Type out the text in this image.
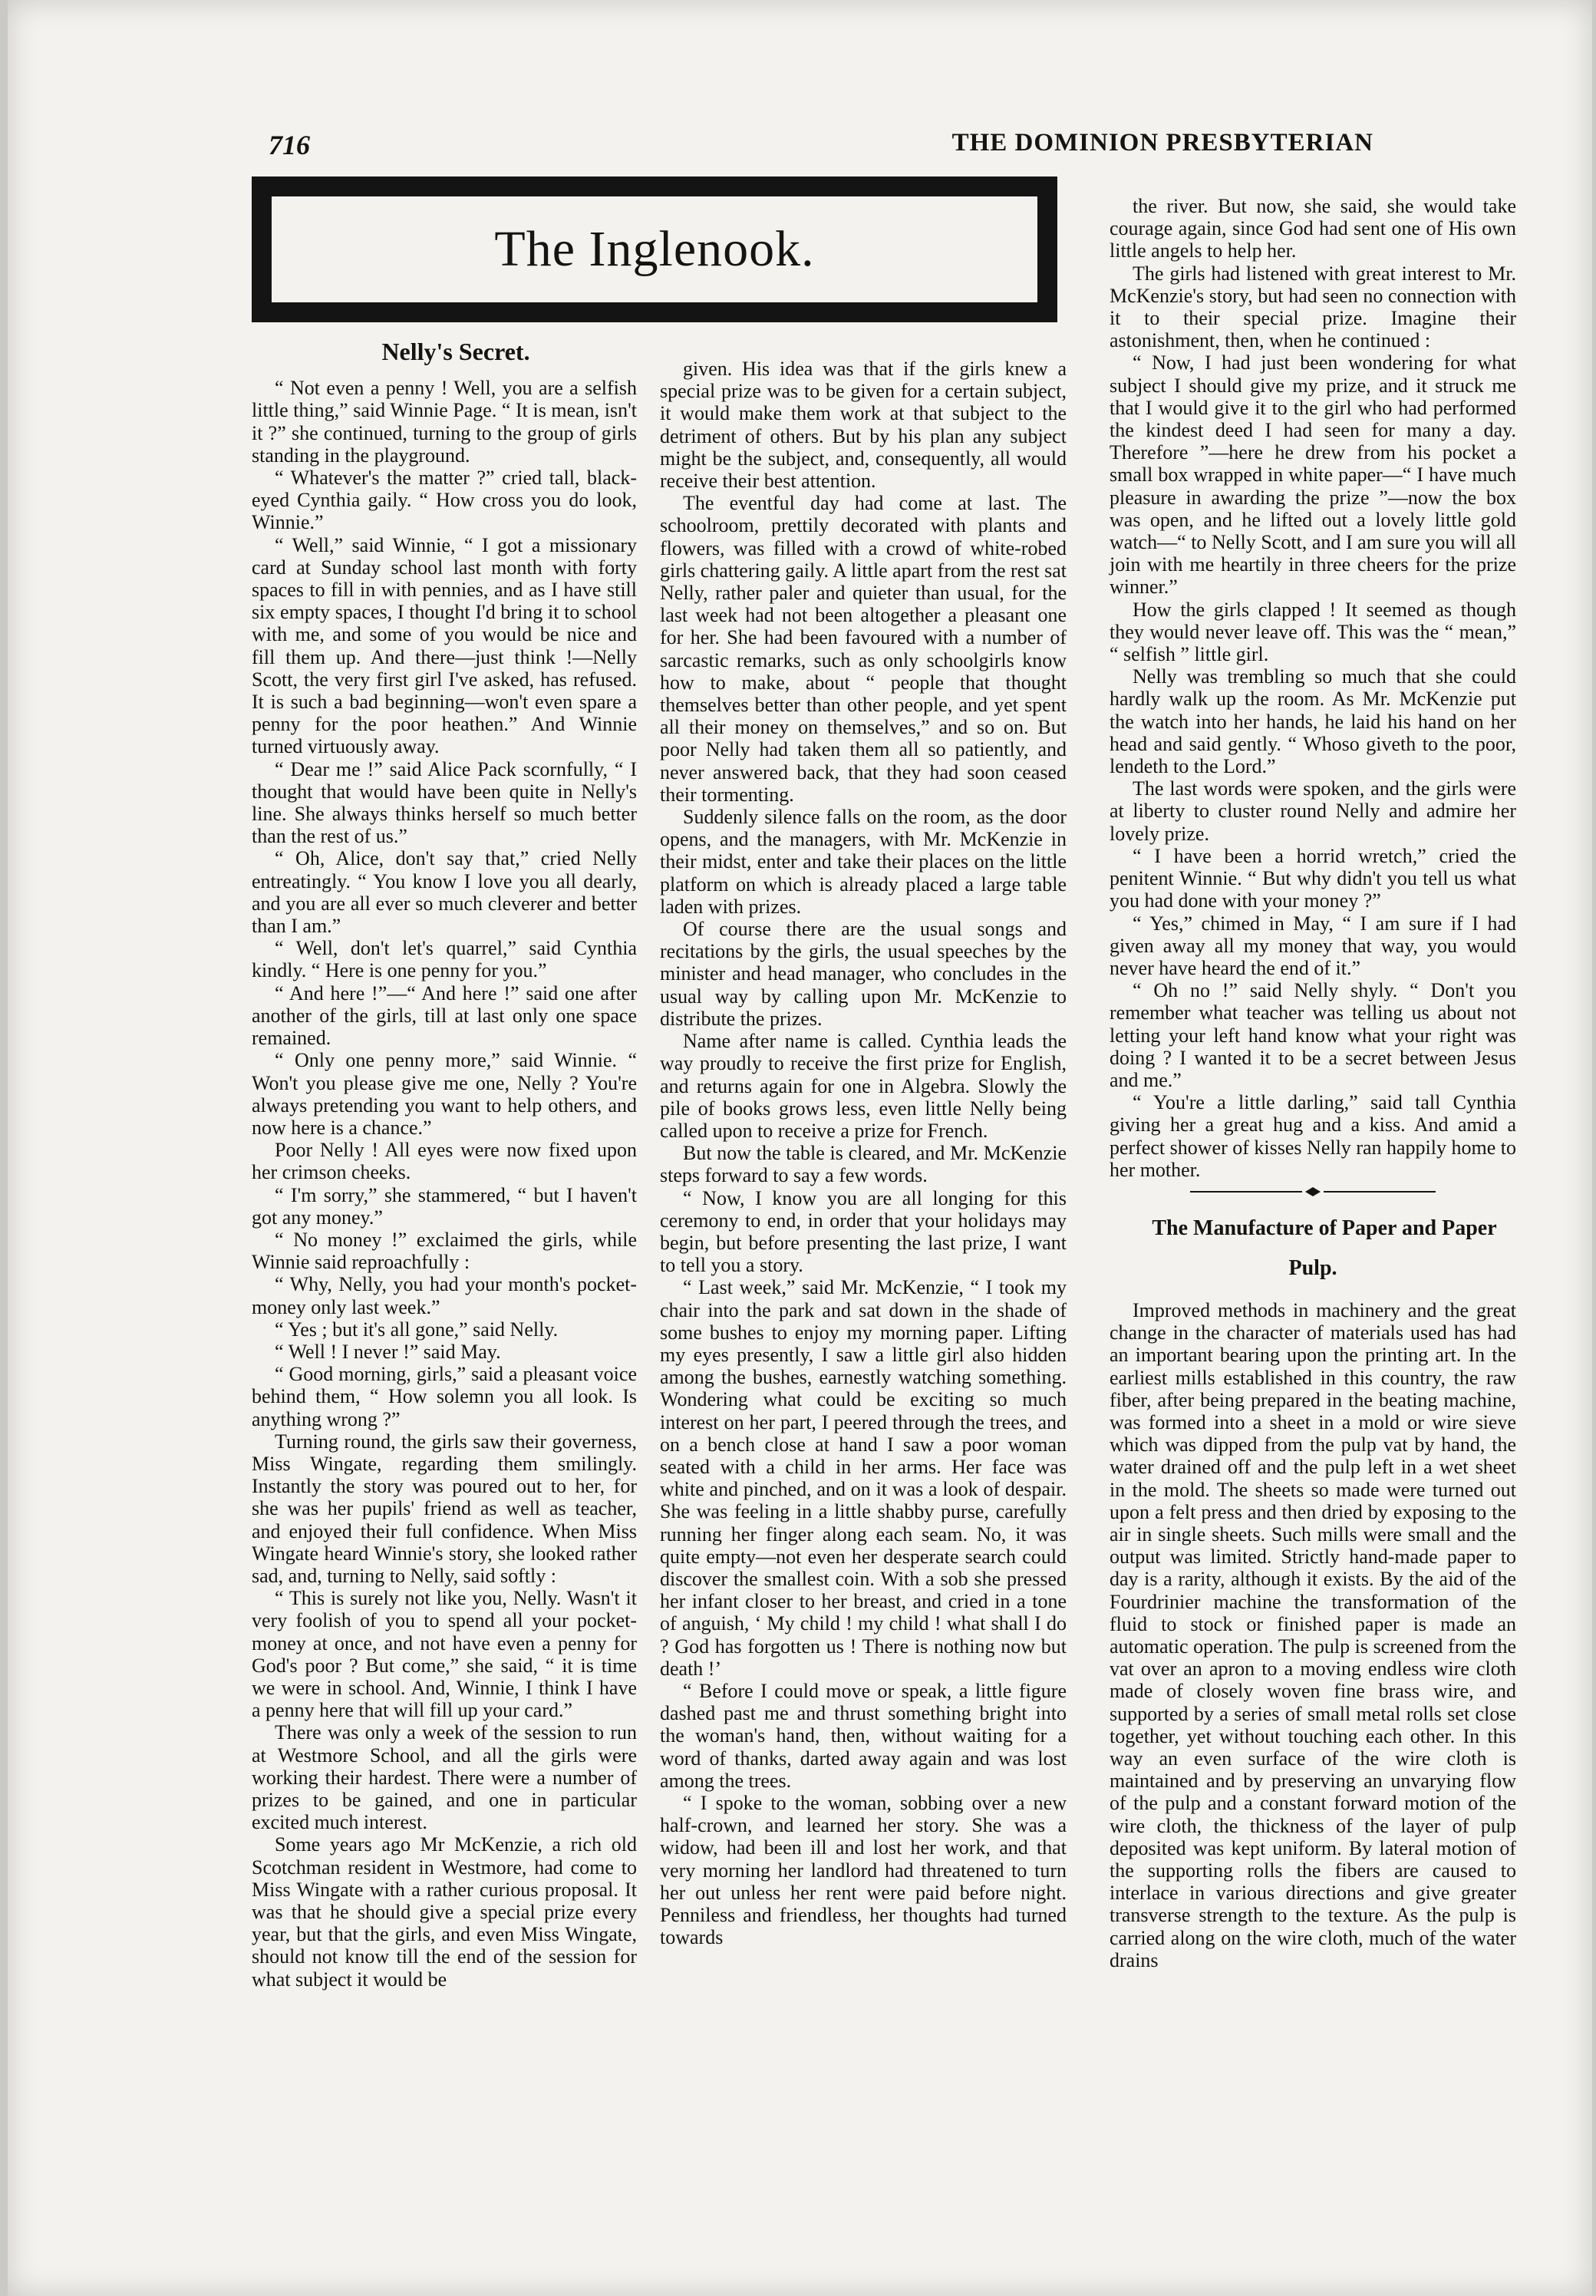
716	THE DOMINION PRESBYTERIAN
The Inglenook.

Nelly's Secret.

“ Not even a penny ! Well, you are a selfish little thing,” said Winnie Page. “ It is mean, isn't it ?” she continued, turning to the group of girls standing in the playground.

“ Whatever's the matter ?” cried tall, black-eyed Cynthia gaily. “ How cross you do look, Winnie.”

“ Well,” said Winnie, “ I got a missionary card at Sunday school last month with forty spaces to fill in with pennies, and as I have still six empty spaces, I thought I'd bring it to school with me, and some of you would be nice and fill them up. And there—just think !—Nelly Scott, the very first girl I've asked, has refused. It is such a bad beginning—won't even spare a penny for the poor heathen.” And Winnie turned virtuously away.

“ Dear me !” said Alice Pack scornfully, “ I thought that would have been quite in Nelly's line. She always thinks herself so much better than the rest of us.”

“ Oh, Alice, don't say that,” cried Nelly entreatingly. “ You know I love you all dearly, and you are all ever so much cleverer and better than I am.”

“ Well, don't let's quarrel,” said Cynthia kindly. “ Here is one penny for you.”

“ And here !”—“ And here !” said one after another of the girls, till at last only one space remained.

“ Only one penny more,” said Winnie. “ Won't you please give me one, Nelly ? You're always pretending you want to help others, and now here is a chance.”

Poor Nelly ! All eyes were now fixed upon her crimson cheeks.

“ I'm sorry,” she stammered, “ but I haven't got any money.”

“ No money !” exclaimed the girls, while Winnie said reproachfully :

“ Why, Nelly, you had your month's pocket-money only last week.”

“ Yes ; but it's all gone,” said Nelly.

“ Well ! I never !” said May.

“ Good morning, girls,” said a pleasant voice behind them, “ How solemn you all look. Is anything wrong ?”

Turning round, the girls saw their governess, Miss Wingate, regarding them smilingly. Instantly the story was poured out to her, for she was her pupils' friend as well as teacher, and enjoyed their full confidence. When Miss Wingate heard Winnie's story, she looked rather sad, and, turning to Nelly, said softly :

“ This is surely not like you, Nelly. Wasn't it very foolish of you to spend all your pocket-money at once, and not have even a penny for God's poor ? But come,” she said, “ it is time we were in school. And, Winnie, I think I have a penny here that will fill up your card.”

There was only a week of the session to run at Westmore School, and all the girls were working their hardest. There were a number of prizes to be gained, and one in particular excited much interest.

Some years ago Mr McKenzie, a rich old Scotchman resident in Westmore, had come to Miss Wingate with a rather curious proposal. It was that he should give a special prize every year, but that the girls, and even Miss Wingate, should not know till the end of the session for what subject it would be

given. His idea was that if the girls knew a special prize was to be given for a certain subject, it would make them work at that subject to the detriment of others. But by his plan any subject might be the subject, and, consequently, all would receive their best attention.

The eventful day had come at last. The schoolroom, prettily decorated with plants and flowers, was filled with a crowd of white-robed girls chattering gaily. A little apart from the rest sat Nelly, rather paler and quieter than usual, for the last week had not been altogether a pleasant one for her. She had been favoured with a number of sarcastic remarks, such as only schoolgirls know how to make, about “ people that thought themselves better than other people, and yet spent all their money on themselves,” and so on. But poor Nelly had taken them all so patiently, and never answered back, that they had soon ceased their tormenting.

Suddenly silence falls on the room, as the door opens, and the managers, with Mr. McKenzie in their midst, enter and take their places on the little platform on which is already placed a large table laden with prizes.

Of course there are the usual songs and recitations by the girls, the usual speeches by the minister and head manager, who concludes in the usual way by calling upon Mr. McKenzie to distribute the prizes.

Name after name is called. Cynthia leads the way proudly to receive the first prize for English, and returns again for one in Algebra. Slowly the pile of books grows less, even little Nelly being called upon to receive a prize for French.

But now the table is cleared, and Mr. McKenzie steps forward to say a few words.

“ Now, I know you are all longing for this ceremony to end, in order that your holidays may begin, but before presenting the last prize, I want to tell you a story.

“ Last week,” said Mr. McKenzie, “ I took my chair into the park and sat down in the shade of some bushes to enjoy my morning paper. Lifting my eyes presently, I saw a little girl also hidden among the bushes, earnestly watching something. Wondering what could be exciting so much interest on her part, I peered through the trees, and on a bench close at hand I saw a poor woman seated with a child in her arms. Her face was white and pinched, and on it was a look of despair. She was feeling in a little shabby purse, carefully running her finger along each seam. No, it was quite empty—not even her desperate search could discover the smallest coin. With a sob she pressed her infant closer to her breast, and cried in a tone of anguish, ‘ My child ! my child ! what shall I do ? God has forgotten us ! There is nothing now but death !’

“ Before I could move or speak, a little figure dashed past me and thrust something bright into the woman's hand, then, without waiting for a word of thanks, darted away again and was lost among the trees.

“ I spoke to the woman, sobbing over a new half-crown, and learned her story. She was a widow, had been ill and lost her work, and that very morning her landlord had threatened to turn her out unless her rent were paid before night. Penniless and friendless, her thoughts had turned towards

the river. But now, she said, she would take courage again, since God had sent one of His own little angels to help her.

The girls had listened with great interest to Mr. McKenzie's story, but had seen no connection with it to their special prize. Imagine their astonishment, then, when he continued :

“ Now, I had just been wondering for what subject I should give my prize, and it struck me that I would give it to the girl who had performed the kindest deed I had seen for many a day. Therefore ”—here he drew from his pocket a small box wrapped in white paper—“ I have much pleasure in awarding the prize ”—now the box was open, and he lifted out a lovely little gold watch—“ to Nelly Scott, and I am sure you will all join with me heartily in three cheers for the prize winner.”

How the girls clapped ! It seemed as though they would never leave off. This was the “ mean,” “ selfish ” little girl.

Nelly was trembling so much that she could hardly walk up the room. As Mr. McKenzie put the watch into her hands, he laid his hand on her head and said gently. “ Whoso giveth to the poor, lendeth to the Lord.”

The last words were spoken, and the girls were at liberty to cluster round Nelly and admire her lovely prize.

“ I have been a horrid wretch,” cried the penitent Winnie. “ But why didn't you tell us what you had done with your money ?”

“ Yes,” chimed in May, “ I am sure if I had given away all my money that way, you would never have heard the end of it.”

“ Oh no !” said Nelly shyly. “ Don't you remember what teacher was telling us about not letting your left hand know what your right was doing ? I wanted it to be a secret between Jesus and me.”

“ You're a little darling,” said tall Cynthia giving her a great hug and a kiss. And amid a perfect shower of kisses Nelly ran happily home to her mother.

The Manufacture of Paper and Paper
Pulp.

Improved methods in machinery and the great change in the character of materials used has had an important bearing upon the printing art. In the earliest mills established in this country, the raw fiber, after being prepared in the beating machine, was formed into a sheet in a mold or wire sieve which was dipped from the pulp vat by hand, the water drained off and the pulp left in a wet sheet in the mold. The sheets so made were turned out upon a felt press and then dried by exposing to the air in single sheets. Such mills were small and the output was limited. Strictly hand-made paper to day is a rarity, although it exists. By the aid of the Fourdrinier machine the transformation of the fluid to stock or finished paper is made an automatic operation. The pulp is screened from the vat over an apron to a moving endless wire cloth made of closely woven fine brass wire, and supported by a series of small metal rolls set close together, yet without touching each other. In this way an even surface of the wire cloth is maintained and by preserving an unvarying flow of the pulp and a constant forward motion of the wire cloth, the thickness of the layer of pulp deposited was kept uniform. By lateral motion of the supporting rolls the fibers are caused to interlace in various directions and give greater transverse strength to the texture. As the pulp is carried along on the wire cloth, much of the water drains
